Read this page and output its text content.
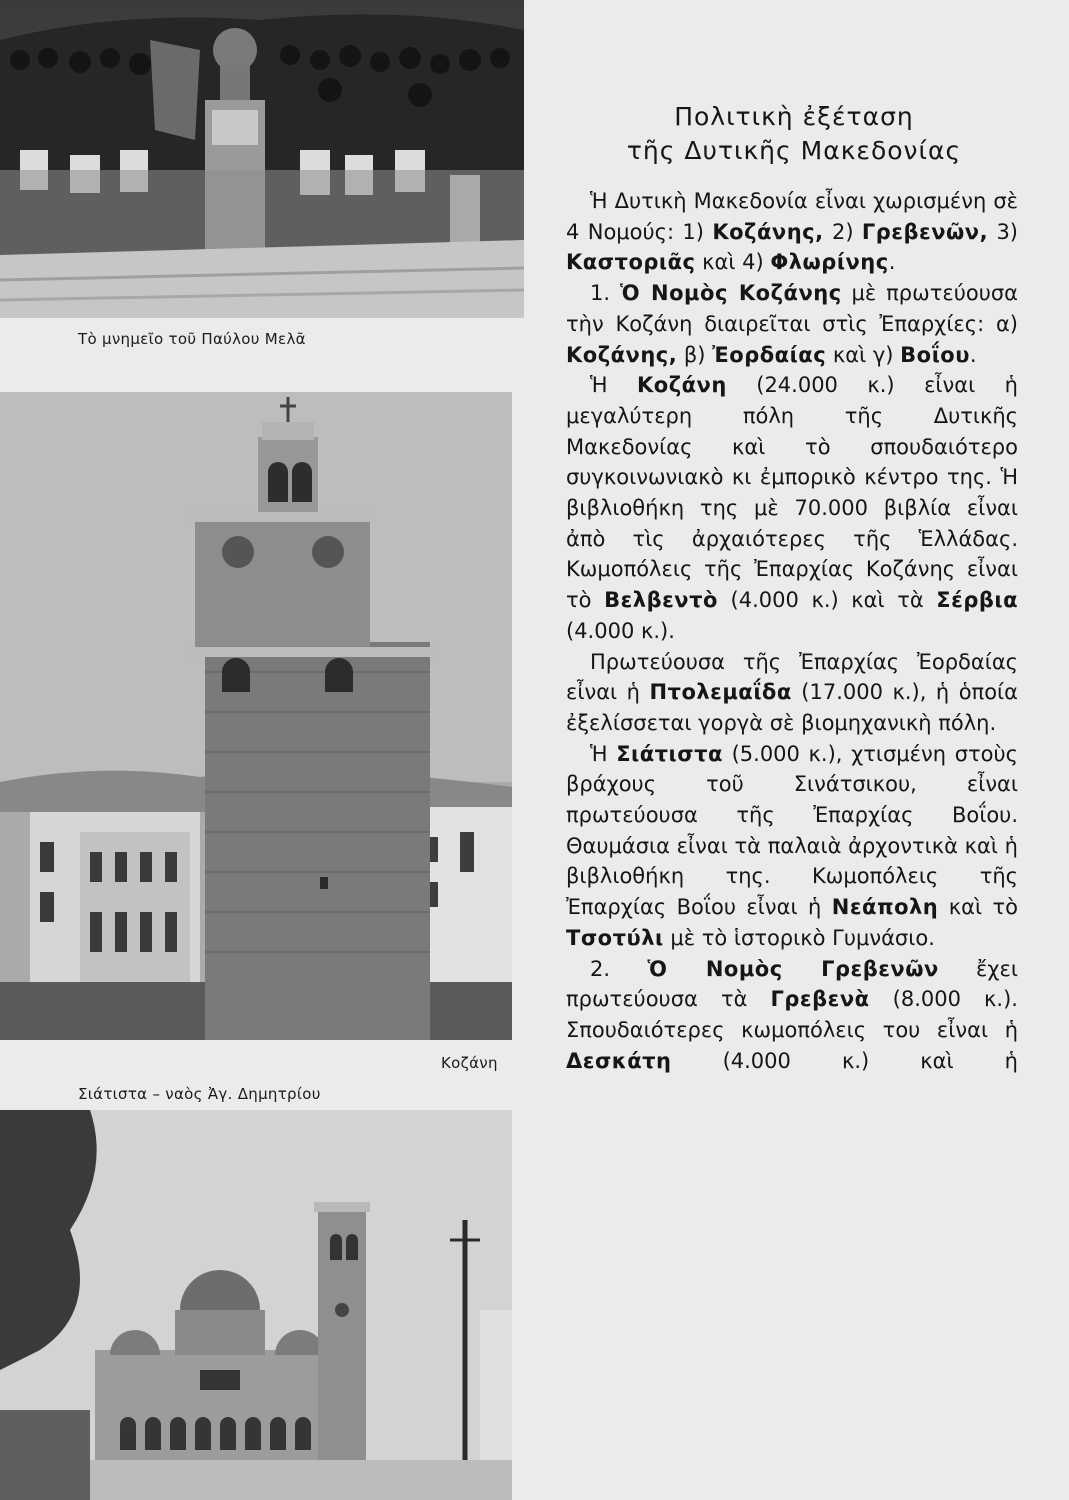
Τὸ μνημεῖο τοῦ Παύλου Μελᾶ
Κοζάνη
Σιάτιστα – ναὸς Ἀγ. Δημητρίου
Πολιτικὴ ἐξέταση
τῆς Δυτικῆς Μακεδονίας

Ἡ Δυτικὴ Μακεδονία εἶναι χωρισμένη σὲ 4 Νομούς: 1) Κοζάνης, 2) Γρεβενῶν, 3) Καστοριᾶς καὶ 4) Φλωρίνης.

1. Ὁ Νομὸς Κοζάνης μὲ πρωτεύουσα τὴν Κοζάνη διαιρεῖται στὶς Ἐπαρχίες: α) Κοζάνης, β) Ἐορδαίας καὶ γ) Βοΐου.

Ἡ Κοζάνη (24.000 κ.) εἶναι ἡ μεγαλύτερη πόλη τῆς Δυτικῆς Μακεδονίας καὶ τὸ σπουδαιότερο συγκοινωνιακὸ κι ἐμπορικὸ κέντρο της. Ἡ βιβλιοθήκη της μὲ 70.000 βιβλία εἶναι ἀπὸ τὶς ἀρχαιότερες τῆς Ἑλλάδας. Κωμοπόλεις τῆς Ἐπαρχίας Κοζάνης εἶναι τὸ Βελβεντὸ (4.000 κ.) καὶ τὰ Σέρβια (4.000 κ.).

Πρωτεύουσα τῆς Ἐπαρχίας Ἐορδαίας εἶναι ἡ Πτολεμαΐδα (17.000 κ.), ἡ ὁποία ἐξελίσσεται γοργὰ σὲ βιομηχανικὴ πόλη.

Ἡ Σιάτιστα (5.000 κ.), χτισμένη στοὺς βράχους τοῦ Σινάτσικου, εἶναι πρωτεύουσα τῆς Ἐπαρχίας Βοΐου. Θαυμάσια εἶναι τὰ παλαιὰ ἀρχοντικὰ καὶ ἡ βιβλιοθήκη της. Κωμοπόλεις τῆς Ἐπαρχίας Βοΐου εἶναι ἡ Νεάπολη καὶ τὸ Τσοτύλι μὲ τὸ ἱστορικὸ Γυμνάσιο.

2. Ὁ Νομὸς Γρεβενῶν ἔχει πρωτεύουσα τὰ Γρεβενὰ (8.000 κ.). Σπουδαιότερες κωμοπόλεις του εἶναι ἡ Δεσκάτη (4.000 κ.) καὶ ἡ
